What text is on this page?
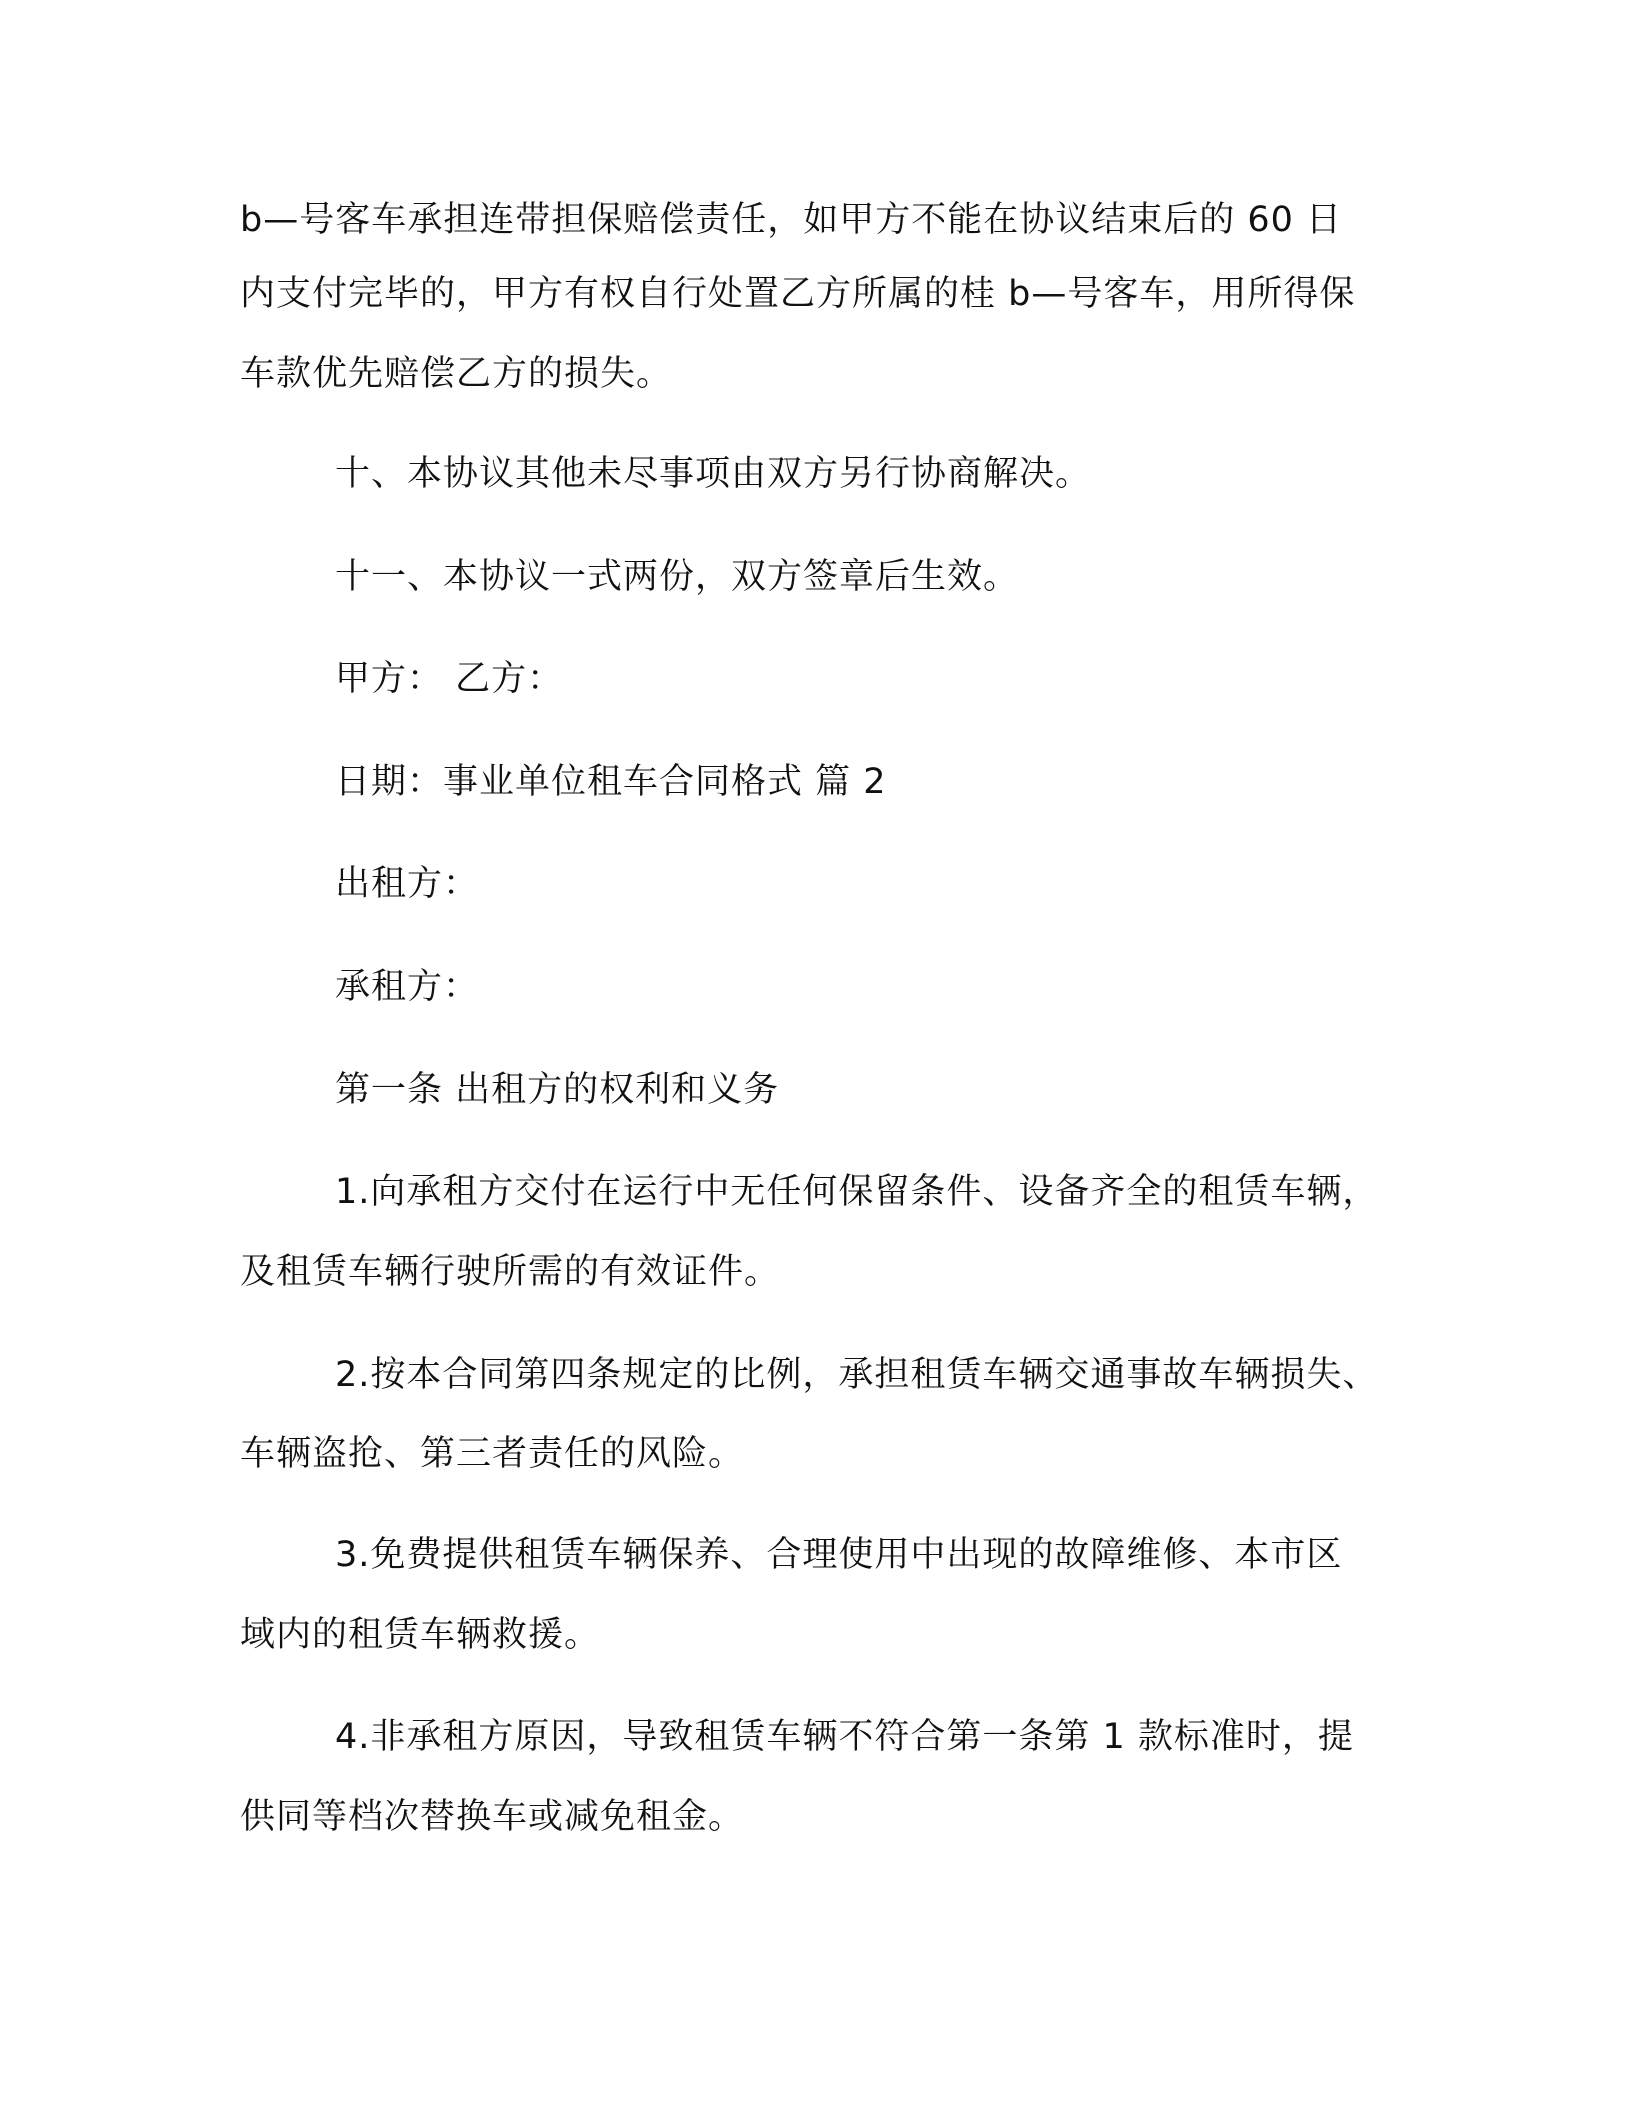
b—号客车承担连带担保赔偿责任，如甲方不能在协议结束后的 60 日
内支付完毕的，甲方有权自行处置乙方所属的桂 b—号客车，用所得保
车款优先赔偿乙方的损失。
十、本协议其他未尽事项由双方另行协商解决。
十一、本协议一式两份，双方签章后生效。
甲方： 乙方：
日期：事业单位租车合同格式 篇 2
出租方：
承租方：
第一条 出租方的权利和义务
1.向承租方交付在运行中无任何保留条件、设备齐全的租赁车辆，
及租赁车辆行驶所需的有效证件。
2.按本合同第四条规定的比例，承担租赁车辆交通事故车辆损失、
车辆盗抢、第三者责任的风险。
3.免费提供租赁车辆保养、合理使用中出现的故障维修、本市区
域内的租赁车辆救援。
4.非承租方原因，导致租赁车辆不符合第一条第 1 款标准时，提
供同等档次替换车或减免租金。
